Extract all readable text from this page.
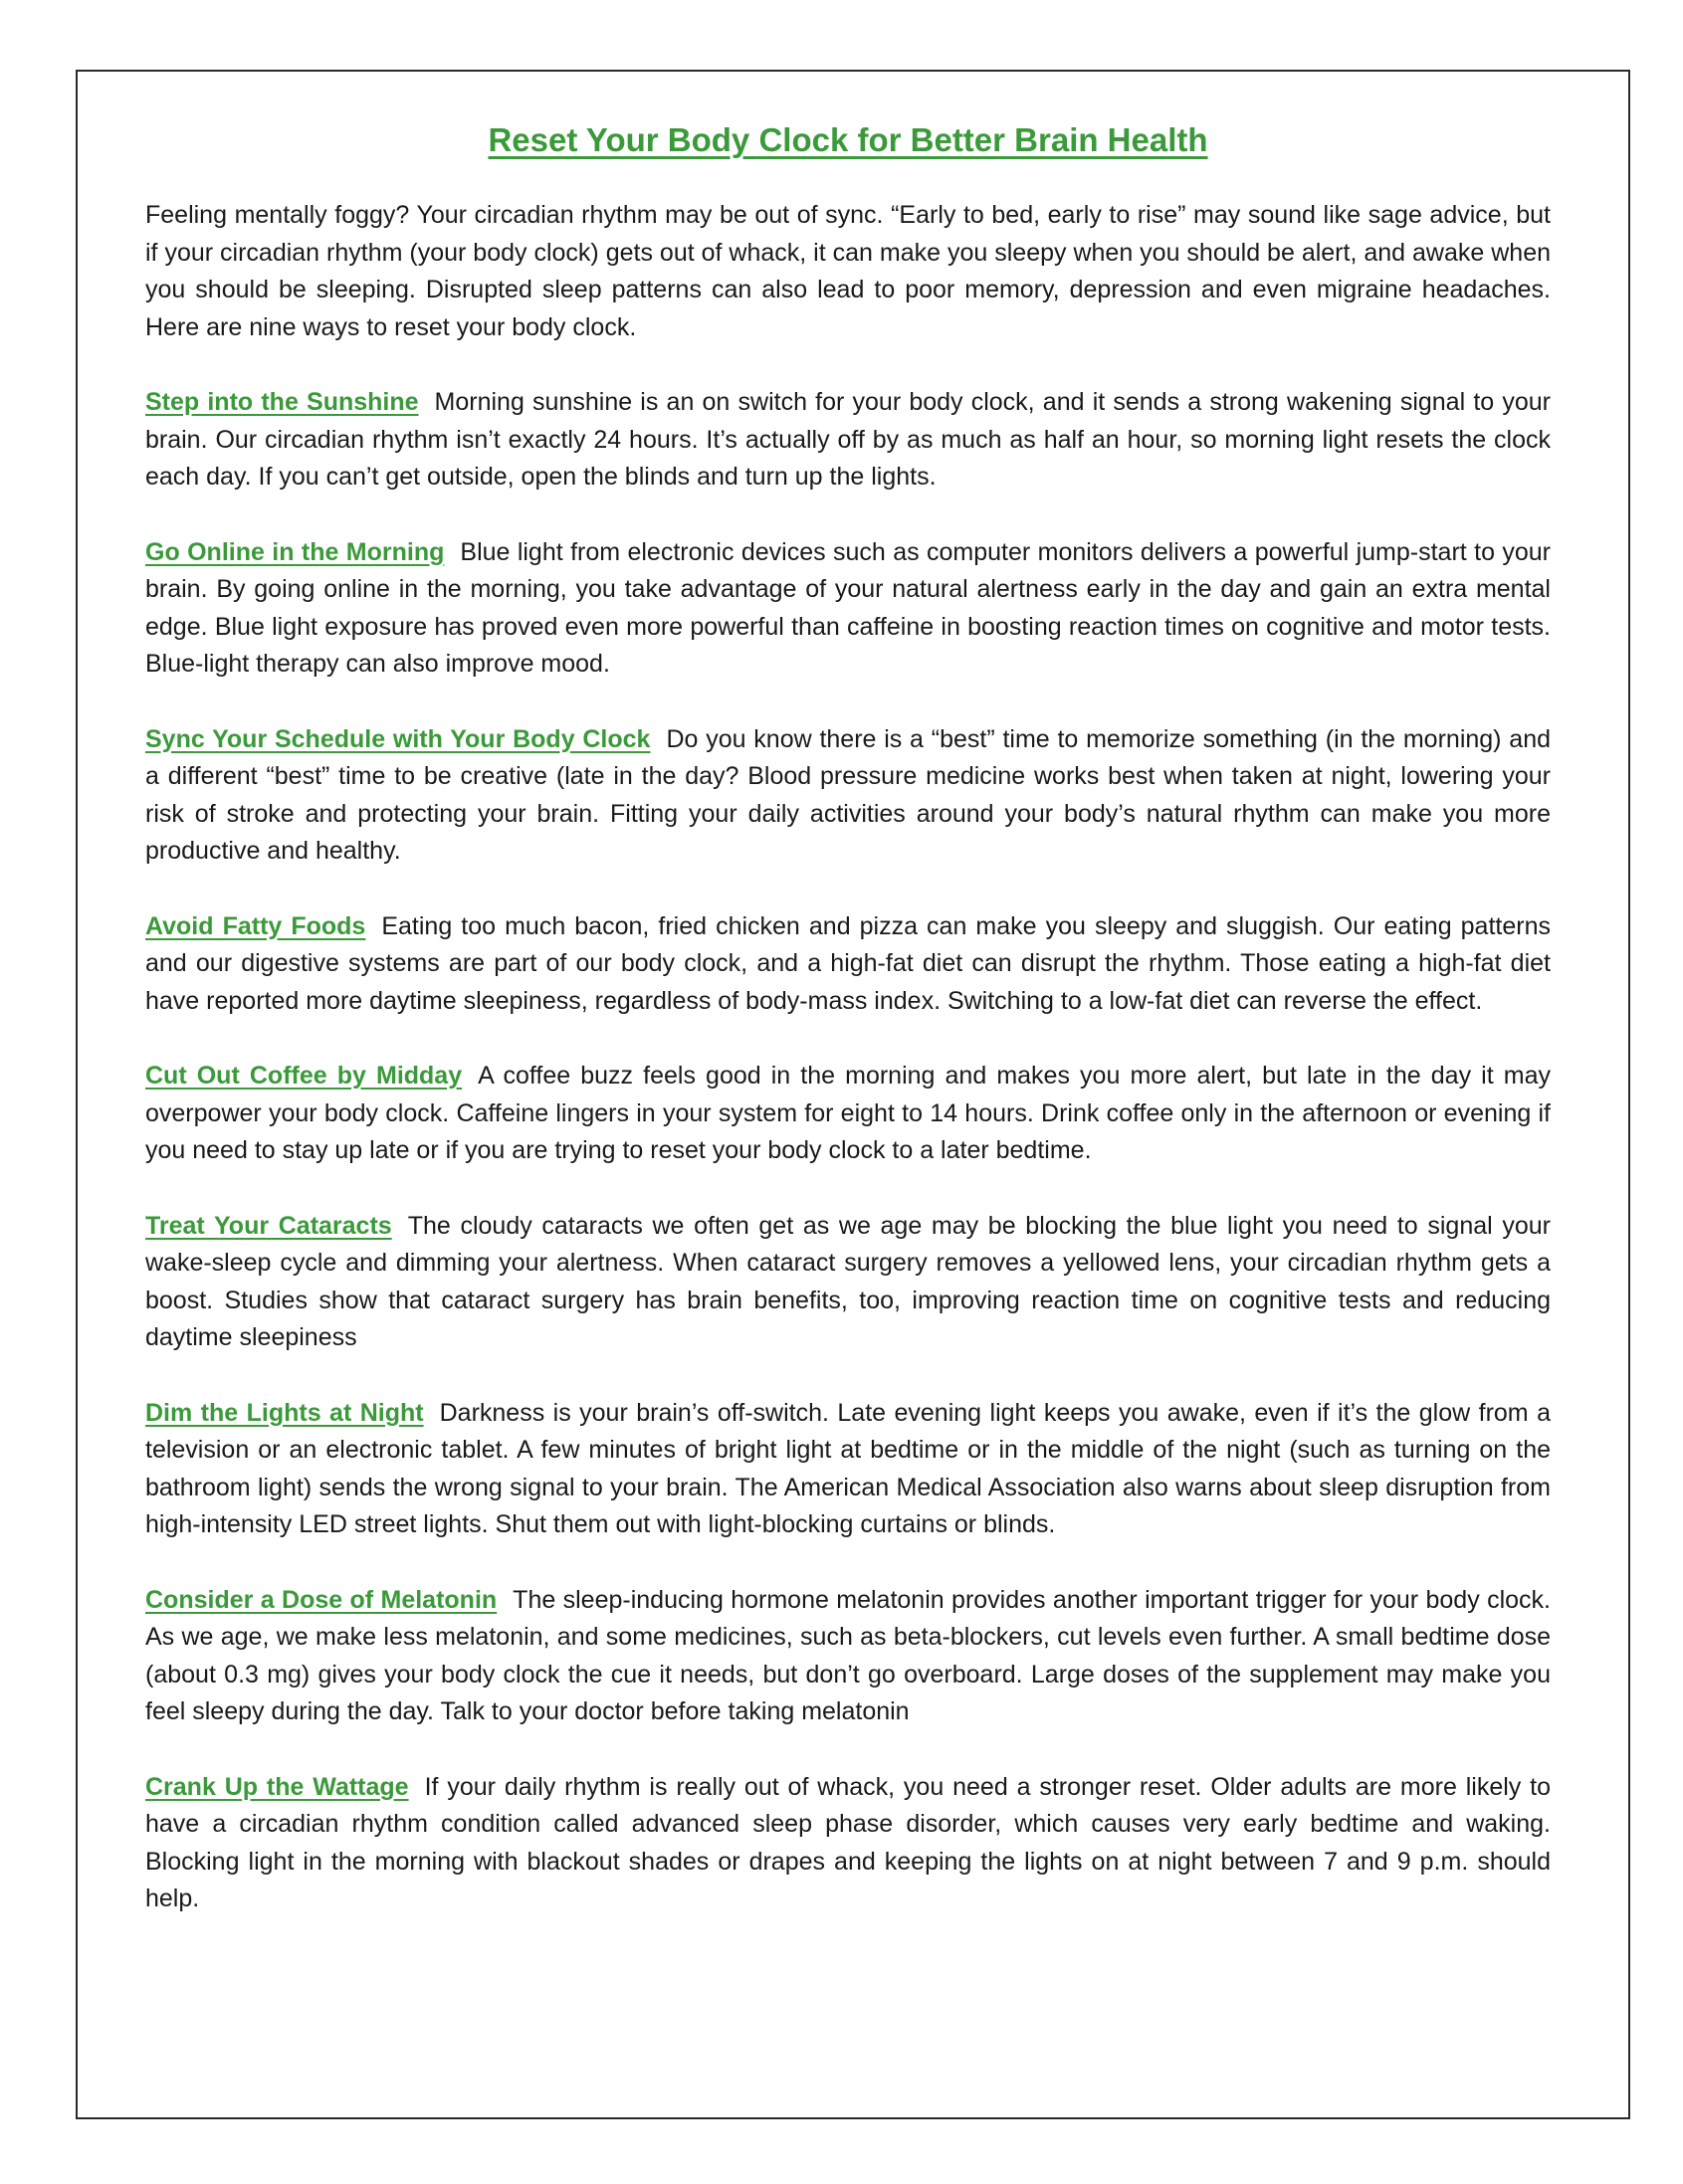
Reset Your Body Clock for Better Brain Health

Feeling mentally foggy? Your circadian rhythm may be out of sync. “Early to bed, early to rise” may sound like sage advice, but if your circadian rhythm (your body clock) gets out of whack, it can make you sleepy when you should be alert, and awake when you should be sleeping. Disrupted sleep patterns can also lead to poor memory, depression and even migraine headaches. Here are nine ways to reset your body clock.

Step into the Sunshine Morning sunshine is an on switch for your body clock, and it sends a strong wakening signal to your brain. Our circadian rhythm isn’t exactly 24 hours. It’s actually off by as much as half an hour, so morning light resets the clock each day. If you can’t get outside, open the blinds and turn up the lights.

Go Online in the Morning Blue light from electronic devices such as computer monitors delivers a powerful jump-start to your brain. By going online in the morning, you take advantage of your natural alertness early in the day and gain an extra mental edge. Blue light exposure has proved even more powerful than caffeine in boosting reaction times on cognitive and motor tests. Blue-light therapy can also improve mood.

Sync Your Schedule with Your Body Clock Do you know there is a “best” time to memorize something (in the morning) and a different “best” time to be creative (late in the day? Blood pressure medicine works best when taken at night, lowering your risk of stroke and protecting your brain. Fitting your daily activities around your body’s natural rhythm can make you more productive and healthy.

Avoid Fatty Foods Eating too much bacon, fried chicken and pizza can make you sleepy and sluggish. Our eating patterns and our digestive systems are part of our body clock, and a high-fat diet can disrupt the rhythm. Those eating a high-fat diet have reported more daytime sleepiness, regardless of body-mass index. Switching to a low-fat diet can reverse the effect.

Cut Out Coffee by Midday A coffee buzz feels good in the morning and makes you more alert, but late in the day it may overpower your body clock. Caffeine lingers in your system for eight to 14 hours. Drink coffee only in the afternoon or evening if you need to stay up late or if you are trying to reset your body clock to a later bedtime.

Treat Your Cataracts The cloudy cataracts we often get as we age may be blocking the blue light you need to signal your wake-sleep cycle and dimming your alertness. When cataract surgery removes a yellowed lens, your circadian rhythm gets a boost. Studies show that cataract surgery has brain benefits, too, improving reaction time on cognitive tests and reducing daytime sleepiness

Dim the Lights at Night Darkness is your brain’s off-switch. Late evening light keeps you awake, even if it’s the glow from a television or an electronic tablet. A few minutes of bright light at bedtime or in the middle of the night (such as turning on the bathroom light) sends the wrong signal to your brain. The American Medical Association also warns about sleep disruption from high-intensity LED street lights. Shut them out with light-blocking curtains or blinds.

Consider a Dose of Melatonin The sleep-inducing hormone melatonin provides another important trigger for your body clock. As we age, we make less melatonin, and some medicines, such as beta-blockers, cut levels even further. A small bedtime dose (about 0.3 mg) gives your body clock the cue it needs, but don’t go overboard. Large doses of the supplement may make you feel sleepy during the day. Talk to your doctor before taking melatonin

Crank Up the Wattage If your daily rhythm is really out of whack, you need a stronger reset. Older adults are more likely to have a circadian rhythm condition called advanced sleep phase disorder, which causes very early bedtime and waking. Blocking light in the morning with blackout shades or drapes and keeping the lights on at night between 7 and 9 p.m. should help.
